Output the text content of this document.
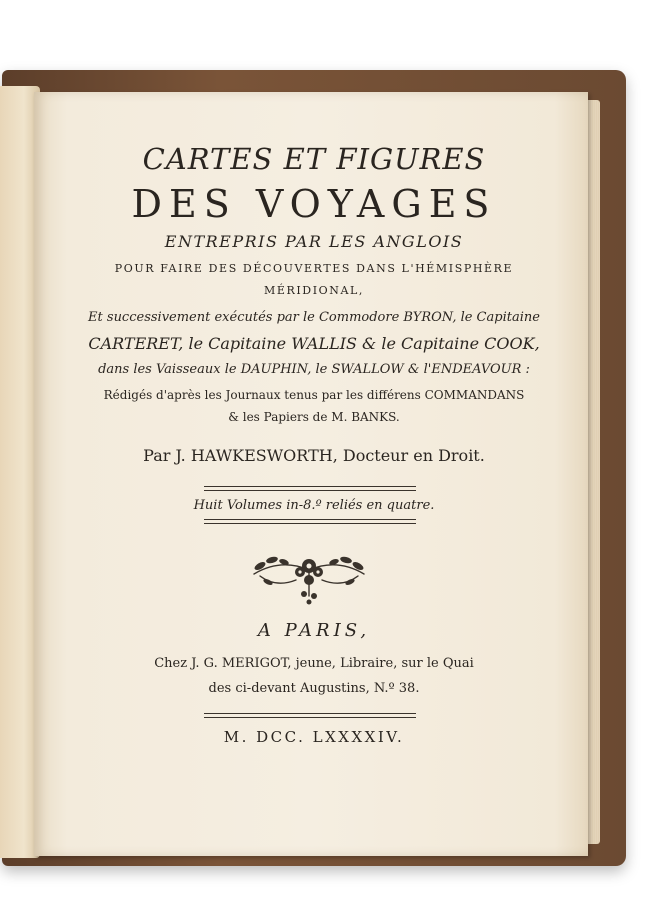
CARTES ET FIGURES
DES VOYAGES
ENTREPRIS PAR LES ANGLOIS
POUR FAIRE DES DÉCOUVERTES DANS L'HÉMISPHÈRE
MÉRIDIONAL,
Et successivement exécutés par le Commodore BYRON, le Capitaine
CARTERET, le Capitaine WALLIS & le Capitaine COOK,
dans les Vaisseaux le DAUPHIN, le SWALLOW & l'ENDEAVOUR :
Rédigés d'après les Journaux tenus par les différens COMMANDANS
& les Papiers de M. BANKS.
Par J. HAWKESWORTH, Docteur en Droit.
Huit Volumes in-8.º reliés en quatre.
A PARIS,
Chez J. G. MERIGOT, jeune, Libraire, sur le Quai
des ci-devant Augustins, N.º 38.
M. DCC. LXXXXIV.
